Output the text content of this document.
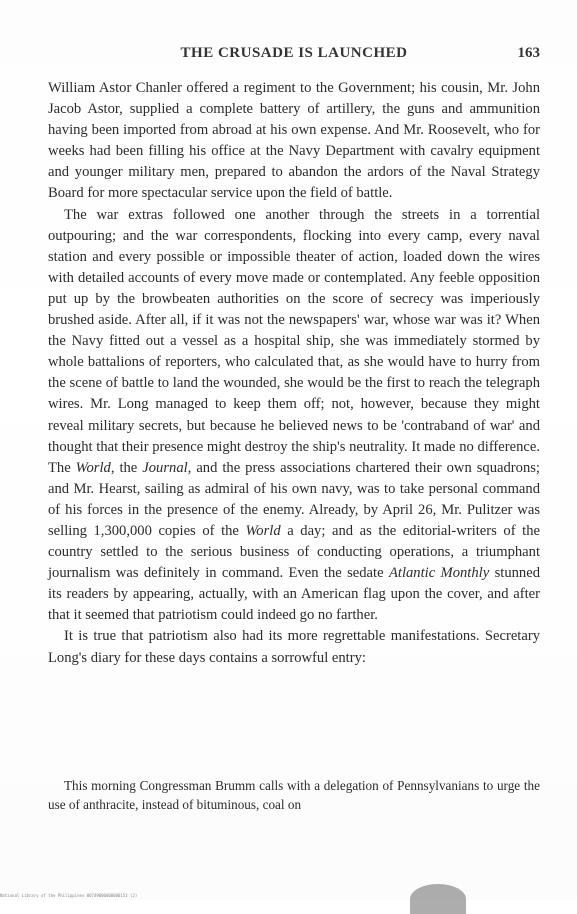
THE CRUSADE IS LAUNCHED	163

William Astor Chanler offered a regiment to the Government; his cousin, Mr. John Jacob Astor, supplied a complete battery of artillery, the guns and ammunition having been imported from abroad at his own expense. And Mr. Roosevelt, who for weeks had been filling his office at the Navy Department with cavalry equipment and younger military men, prepared to abandon the ardors of the Naval Strategy Board for more spectacular service upon the field of battle.

The war extras followed one another through the streets in a torrential outpouring; and the war correspondents, flocking into every camp, every naval station and every possible or impossible theater of action, loaded down the wires with detailed accounts of every move made or contemplated. Any feeble opposition put up by the browbeaten authorities on the score of secrecy was imperiously brushed aside. After all, if it was not the newspapers' war, whose war was it? When the Navy fitted out a vessel as a hospital ship, she was immediately stormed by whole battalions of reporters, who calculated that, as she would have to hurry from the scene of battle to land the wounded, she would be the first to reach the telegraph wires. Mr. Long managed to keep them off; not, however, because they might reveal military secrets, but because he believed news to be 'contraband of war' and thought that their presence might destroy the ship's neutrality. It made no difference. The World, the Journal, and the press associations chartered their own squadrons; and Mr. Hearst, sailing as admiral of his own navy, was to take personal command of his forces in the presence of the enemy. Already, by April 26, Mr. Pulitzer was selling 1,300,000 copies of the World a day; and as the editorial-writers of the country settled to the serious business of conducting operations, a triumphant journalism was definitely in command. Even the sedate Atlantic Monthly stunned its readers by appearing, actually, with an American flag upon the cover, and after that it seemed that patriotism could indeed go no farther.

It is true that patriotism also had its more regrettable manifestations. Secretary Long's diary for these days contains a sorrowful entry:

This morning Congressman Brumm calls with a delegation of Pennsylvanians to urge the use of anthracite, instead of bituminous, coal on

National Library of the Philippines 00749000000000152 (2)
